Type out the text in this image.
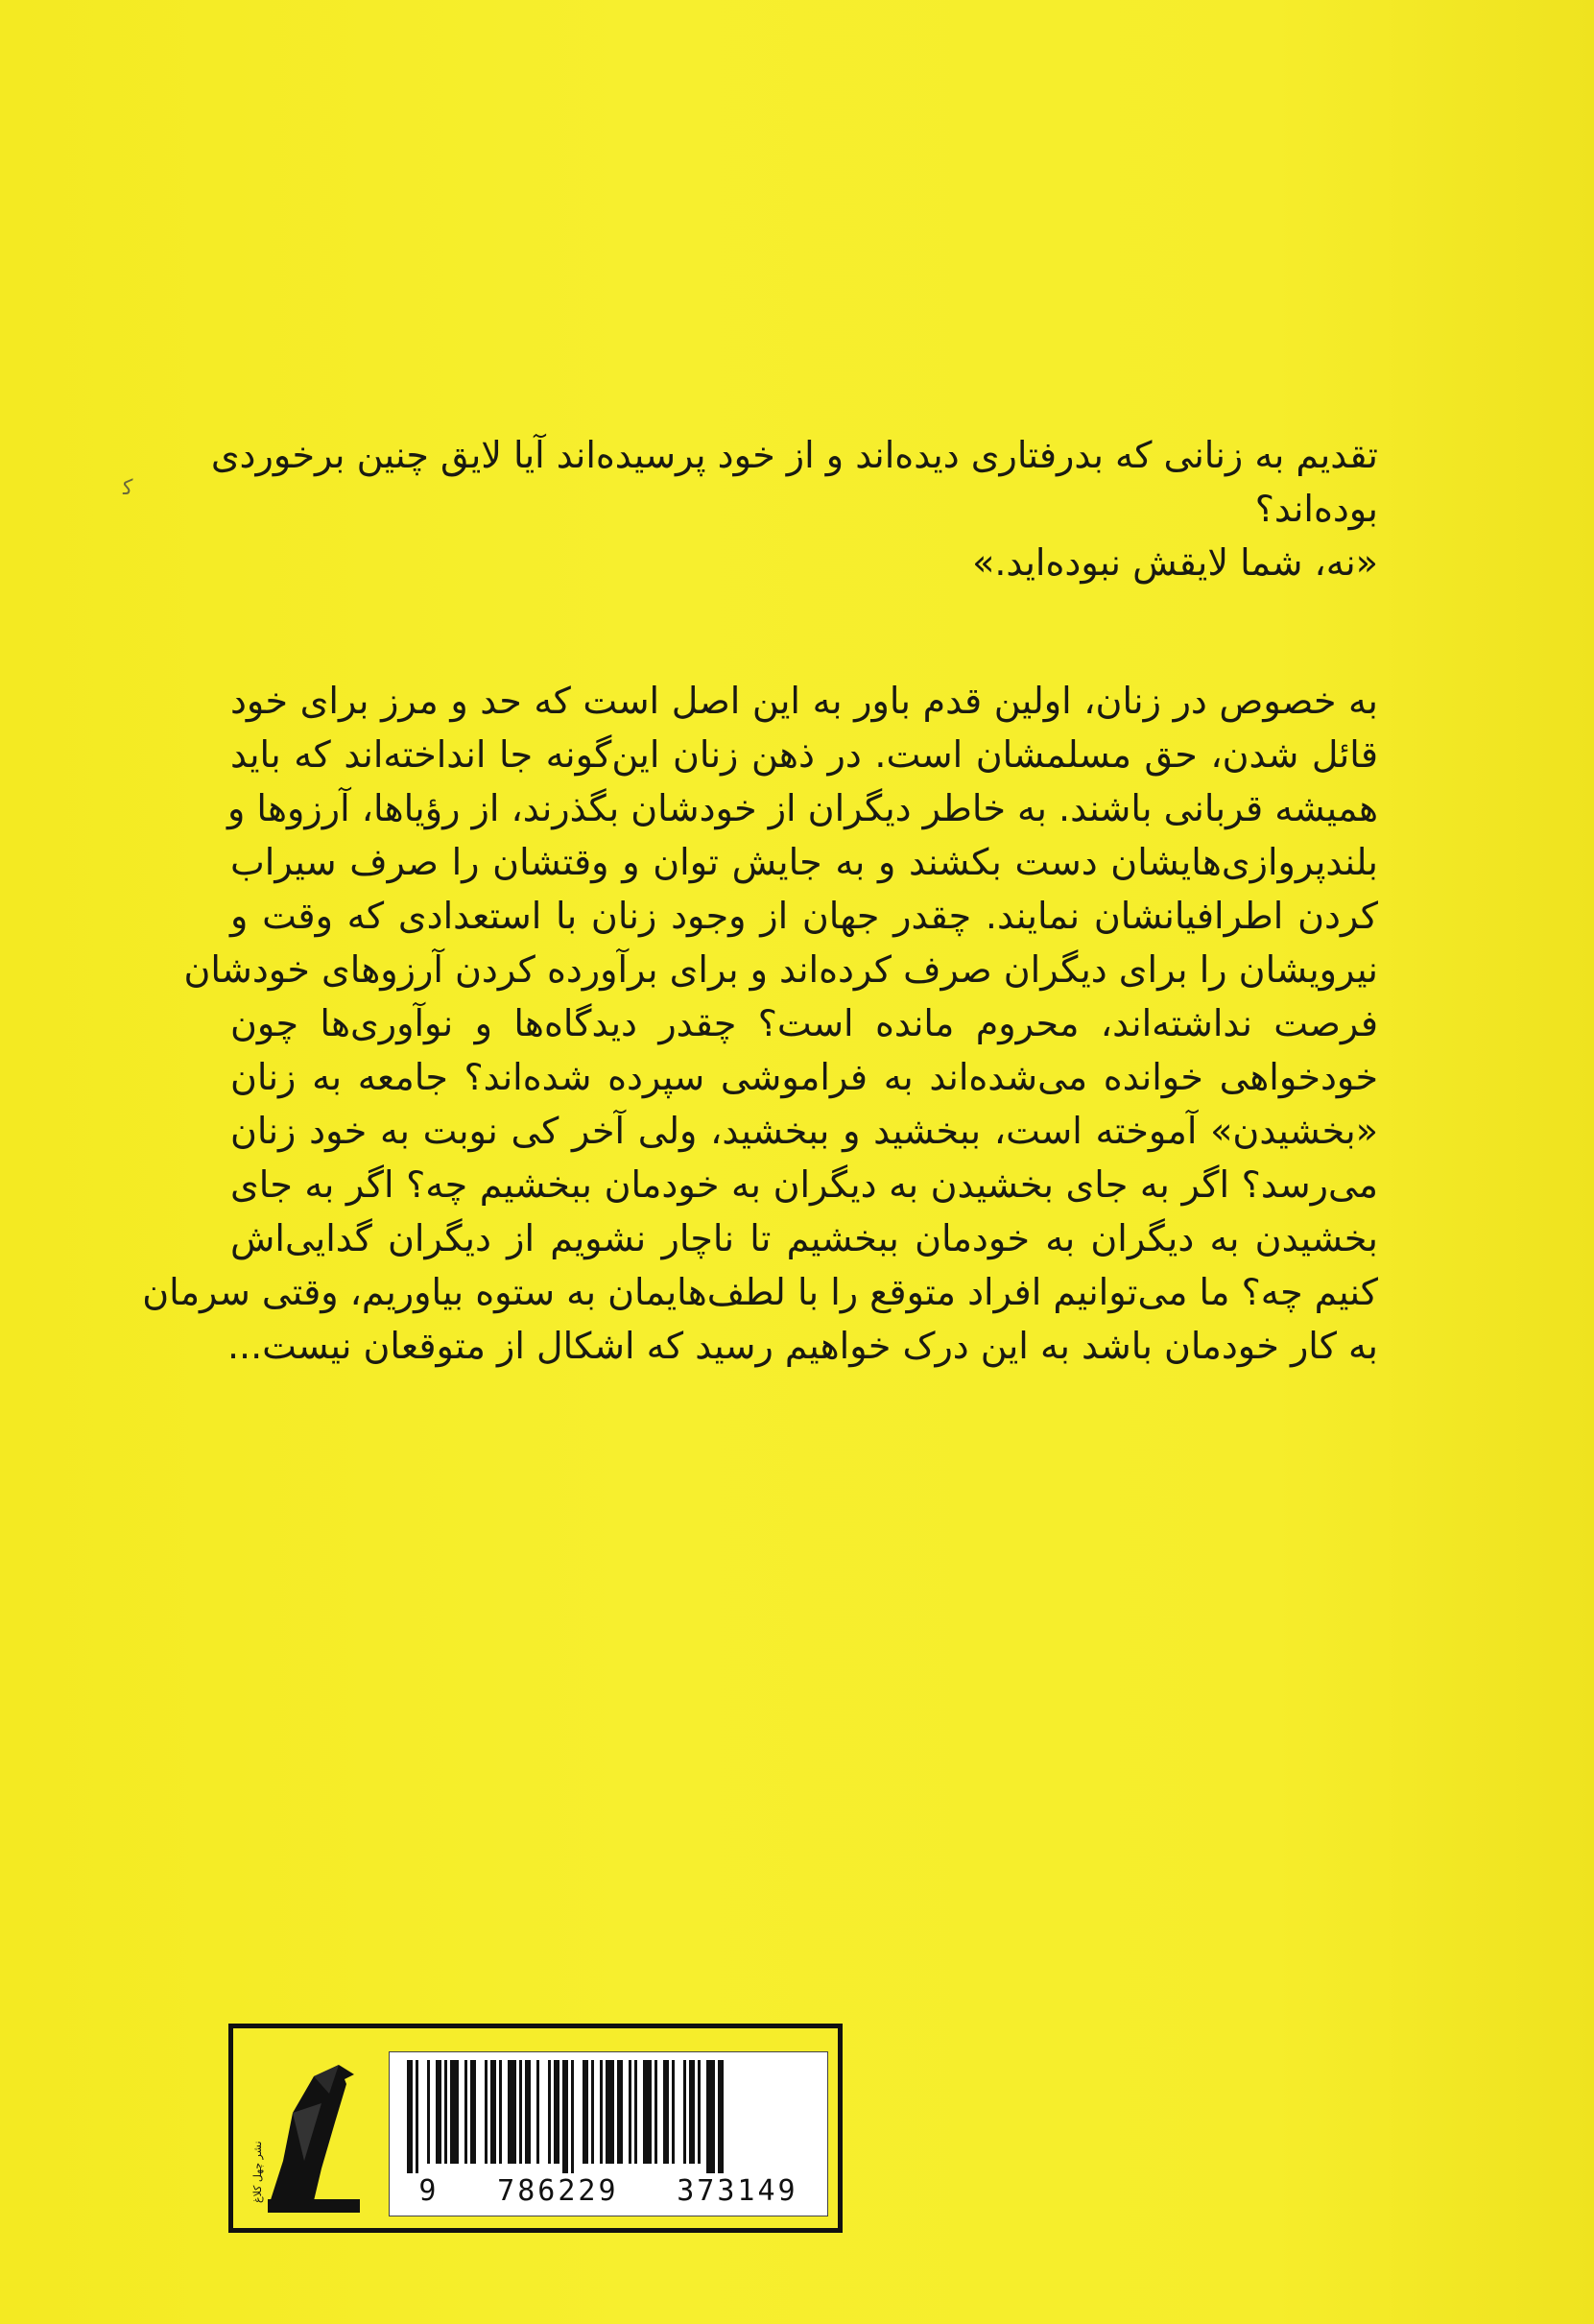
ﮐ
تقدیم به زنانی که بدرفتاری دیده‌اند و از خود پرسیده‌اند آیا لایق چنین برخوردی
بوده‌اند؟
«نه، شما لایقش نبوده‌اید.»
به خصوص در زنان، اولین قدم باور به این اصل است که حد و مرز برای خود
قائل شدن، حق مسلمشان است. در ذهن زنان این‌گونه جا انداخته‌اند که باید
همیشه قربانی باشند. به خاطر دیگران از خودشان بگذرند، از رؤیاها، آرزوها و
بلندپروازی‌هایشان دست بکشند و به جایش توان و وقتشان را صرف سیراب
کردن اطرافیانشان نمایند. چقدر جهان از وجود زنان با استعدادی که وقت و
نیرویشان را برای دیگران صرف کرده‌اند و برای برآورده کردن آرزوهای خودشان
فرصت نداشته‌اند، محروم مانده است؟ چقدر دیدگاه‌ها و نوآوری‌ها چون
خودخواهی خوانده می‌شده‌اند به فراموشی سپرده شده‌اند؟ جامعه به زنان
«بخشیدن» آموخته است، ببخشید و ببخشید، ولی آخر کی نوبت به خود زنان
می‌رسد؟ اگر به جای بخشیدن به دیگران به خودمان ببخشیم چه؟ اگر به جای
بخشیدن به دیگران به خودمان ببخشیم تا ناچار نشویم از دیگران گدایی‌اش
کنیم چه؟ ما می‌توانیم افراد متوقع را با لطف‌هایمان به ستوه بیاوریم، وقتی سرمان
به کار خودمان باشد به این درک خواهیم رسید که اشکال از متوقعان نیست...
نشر چهل کلاغ	9 786229 373149
